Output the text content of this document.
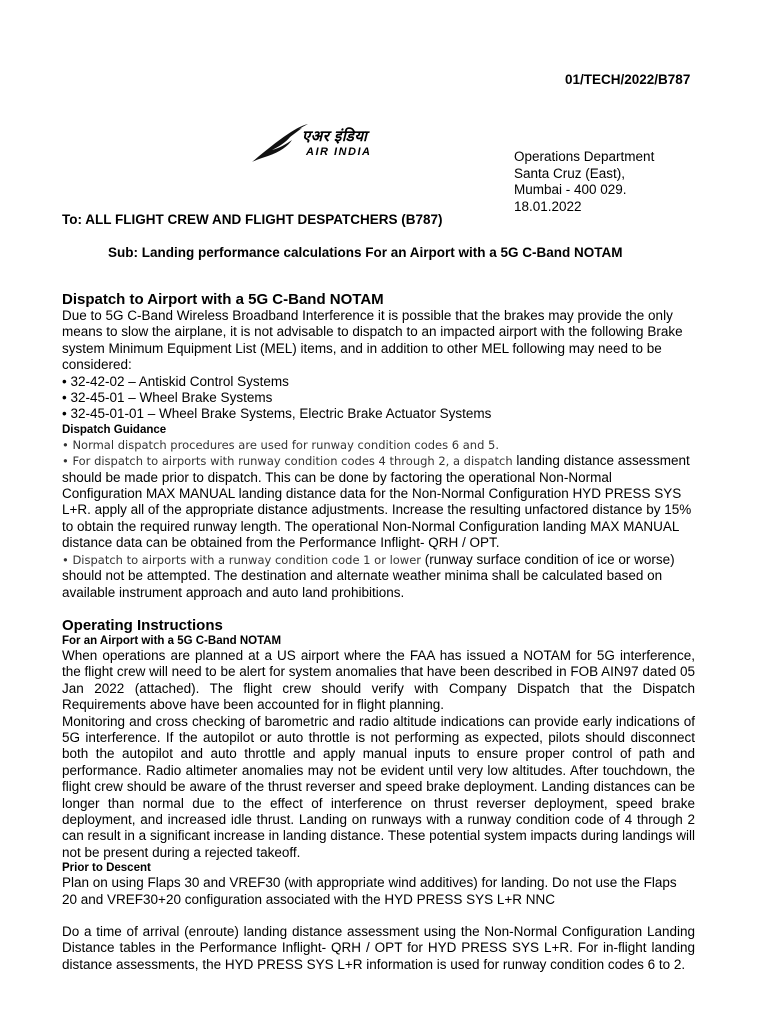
01/TECH/2022/B787
एअर इंडिया
AIR INDIA	Operations Department
Santa Cruz (East),
Mumbai - 400 029.
18.01.2022
To: ALL FLIGHT CREW AND FLIGHT DESPATCHERS (B787)
Sub: Landing performance calculations For an Airport with a 5G C-Band NOTAM

Dispatch to Airport with a 5G C-Band NOTAM

Due to 5G C-Band Wireless Broadband Interference it is possible that the brakes may provide the only means to slow the airplane, it is not advisable to dispatch to an impacted airport with the following Brake system Minimum Equipment List (MEL) items, and in addition to other MEL following may need to be considered:

• 32-42-02 – Antiskid Control Systems

• 32-45-01 – Wheel Brake Systems

• 32-45-01-01 – Wheel Brake Systems, Electric Brake Actuator Systems

Dispatch Guidance

• Normal dispatch procedures are used for runway condition codes 6 and 5.

• For dispatch to airports with runway condition codes 4 through 2, a dispatch landing distance assessment should be made prior to dispatch. This can be done by factoring the operational Non-Normal Configuration MAX MANUAL landing distance data for the Non-Normal Configuration HYD PRESS SYS L+R. apply all of the appropriate distance adjustments. Increase the resulting unfactored distance by 15% to obtain the required runway length. The operational Non-Normal Configuration landing MAX MANUAL distance data can be obtained from the Performance Inflight- QRH / OPT.

• Dispatch to airports with a runway condition code 1 or lower (runway surface condition of ice or worse) should not be attempted. The destination and alternate weather minima shall be calculated based on available instrument approach and auto land prohibitions.

Operating Instructions

For an Airport with a 5G C-Band NOTAM

When operations are planned at a US airport where the FAA has issued a NOTAM for 5G interference, the flight crew will need to be alert for system anomalies that have been described in FOB AIN97 dated 05 Jan 2022 (attached). The flight crew should verify with Company Dispatch that the Dispatch Requirements above have been accounted for in flight planning.

Monitoring and cross checking of barometric and radio altitude indications can provide early indications of 5G interference. If the autopilot or auto throttle is not performing as expected, pilots should disconnect both the autopilot and auto throttle and apply manual inputs to ensure proper control of path and performance. Radio altimeter anomalies may not be evident until very low altitudes. After touchdown, the flight crew should be aware of the thrust reverser and speed brake deployment. Landing distances can be longer than normal due to the effect of interference on thrust reverser deployment, speed brake deployment, and increased idle thrust. Landing on runways with a runway condition code of 4 through 2 can result in a significant increase in landing distance. These potential system impacts during landings will not be present during a rejected takeoff.

Prior to Descent

Plan on using Flaps 30 and VREF30 (with appropriate wind additives) for landing. Do not use the Flaps 20 and VREF30+20 configuration associated with the HYD PRESS SYS L+R NNC

Do a time of arrival (enroute) landing distance assessment using the Non-Normal Configuration Landing Distance tables in the Performance Inflight- QRH / OPT for HYD PRESS SYS L+R. For in-flight landing distance assessments, the HYD PRESS SYS L+R information is used for runway condition codes 6 to 2.
